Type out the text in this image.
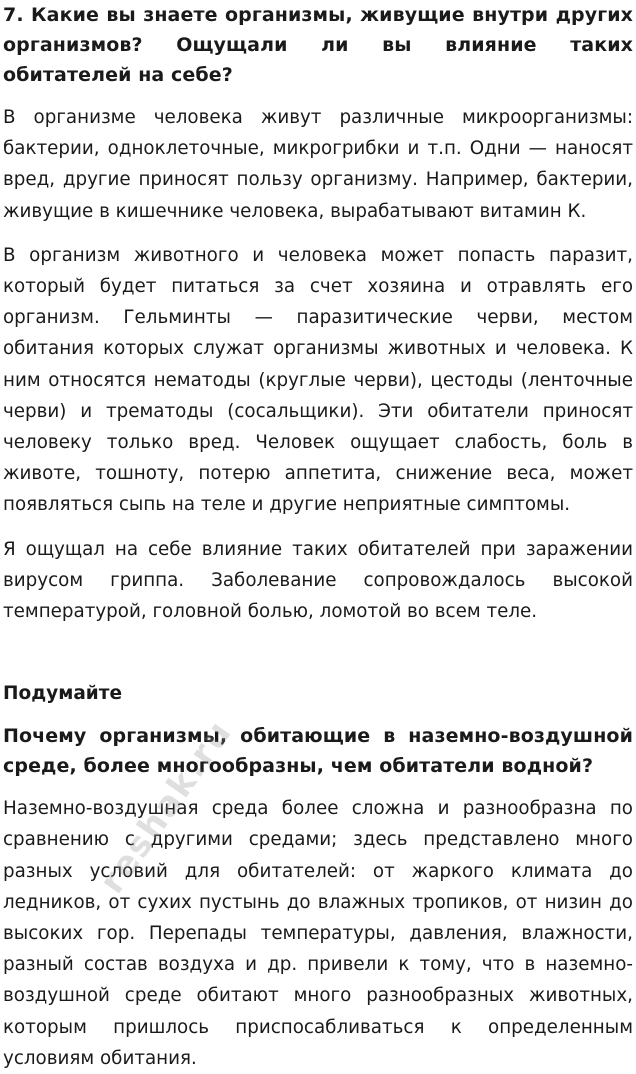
7. Какие вы знаете организмы, живущие внутри других организмов? Ощущали ли вы влияние таких обитателей на себе?

В организме человека живут различные микроорганизмы: бактерии, одноклеточные, микрогрибки и т.п. Одни — наносят вред, другие приносят пользу организму. Например, бактерии, живущие в кишечнике человека, вырабатывают витамин К.

В организм животного и человека может попасть паразит, который будет питаться за счет хозяина и отравлять его организм. Гельминты — паразитические черви, местом обитания которых служат организмы животных и человека. К ним относятся нематоды (круглые черви), цестоды (ленточные черви) и трематоды (сосальщики). Эти обитатели приносят человеку только вред. Человек ощущает слабость, боль в животе, тошноту, потерю аппетита, снижение веса, может появляться сыпь на теле и другие неприятные симптомы.

Я ощущал на себе влияние таких обитателей при заражении вирусом гриппа. Заболевание сопровождалось высокой температурой, головной болью, ломотой во всем теле.

Подумайте

Почему организмы, обитающие в наземно-воздушной среде, более многообразны, чем обитатели водной?

Наземно-воздушная среда более сложна и разнообразна по сравнению с другими средами; здесь представлено много разных условий для обитателей: от жаркого климата до ледников, от сухих пустынь до влажных тропиков, от низин до высоких гор. Перепады температуры, давления, влажности, разный состав воздуха и др. привели к тому, что в наземно-воздушной среде обитают много разнообразных животных, которым пришлось приспосабливаться к определенным условиям обитания.

reshak.ru
